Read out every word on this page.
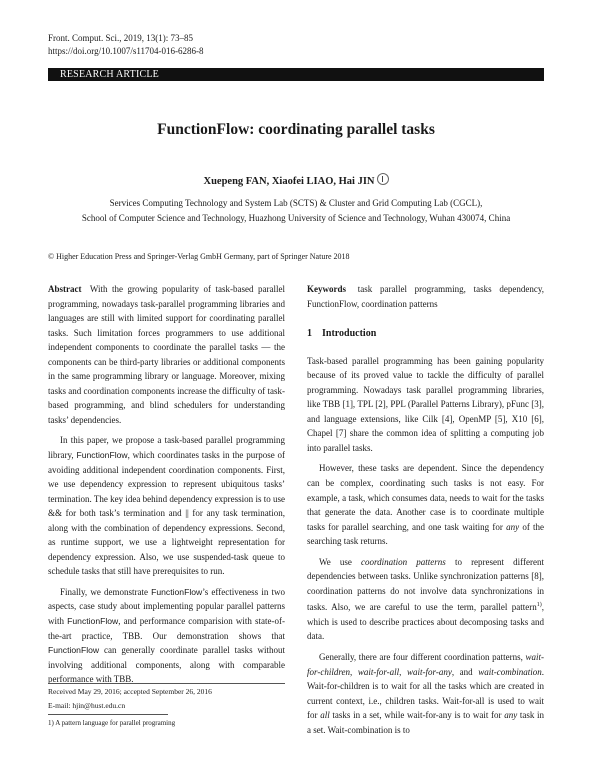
Front. Comput. Sci., 2019, 13(1): 73–85
https://doi.org/10.1007/s11704-016-6286-8
RESEARCH ARTICLE
FunctionFlow: coordinating parallel tasks
Xuepeng FAN, Xiaofei LIAO, Hai JIN
Services Computing Technology and System Lab (SCTS) & Cluster and Grid Computing Lab (CGCL),
School of Computer Science and Technology, Huazhong University of Science and Technology, Wuhan 430074, China
© Higher Education Press and Springer-Verlag GmbH Germany, part of Springer Nature 2018

Abstract With the growing popularity of task-based parallel programming, nowadays task-parallel programming libraries and languages are still with limited support for coordinating parallel tasks. Such limitation forces programmers to use additional independent components to coordinate the parallel tasks — the components can be third-party libraries or additional components in the same programming library or language. Moreover, mixing tasks and coordination components increase the difficulty of task-based programming, and blind schedulers for understanding tasks’ dependencies.

In this paper, we propose a task-based parallel programming library, FunctionFlow, which coordinates tasks in the purpose of avoiding additional independent coordination components. First, we use dependency expression to represent ubiquitous tasks’ termination. The key idea behind dependency expression is to use && for both task’s termination and || for any task termination, along with the combination of dependency expressions. Second, as runtime support, we use a lightweight representation for dependency expression. Also, we use suspended-task queue to schedule tasks that still have prerequisites to run.

Finally, we demonstrate FunctionFlow’s effectiveness in two aspects, case study about implementing popular parallel patterns with FunctionFlow, and performance comparision with state-of-the-art practice, TBB. Our demonstration shows that FunctionFlow can generally coordinate parallel tasks without involving additional components, along with comparable performance with TBB.

Received May 29, 2016; accepted September 26, 2016
E-mail: hjin@hust.edu.cn
1) A pattern language for parallel programing

Keywords task parallel programming, tasks dependency, FunctionFlow, coordination patterns

1 Introduction

Task-based parallel programming has been gaining popularity because of its proved value to tackle the difficulty of parallel programming. Nowadays task parallel programming libraries, like TBB [1], TPL [2], PPL (Parallel Patterns Library), pFunc [3], and language extensions, like Cilk [4], OpenMP [5], X10 [6], Chapel [7] share the common idea of splitting a computing job into parallel tasks.

However, these tasks are dependent. Since the dependency can be complex, coordinating such tasks is not easy. For example, a task, which consumes data, needs to wait for the tasks that generate the data. Another case is to coordinate multiple tasks for parallel searching, and one task waiting for any of the searching task returns.

We use coordination patterns to represent different dependencies between tasks. Unlike synchronization patterns [8], coordination patterns do not involve data synchronizations in tasks. Also, we are careful to use the term, parallel pattern$^{1)}$, which is used to describe practices about decomposing tasks and data.

Generally, there are four different coordination patterns, wait-for-children, wait-for-all, wait-for-any, and wait-combination. Wait-for-children is to wait for all the tasks which are created in current context, i.e., children tasks. Wait-for-all is used to wait for all tasks in a set, while wait-for-any is to wait for any task in a set. Wait-combination is to
